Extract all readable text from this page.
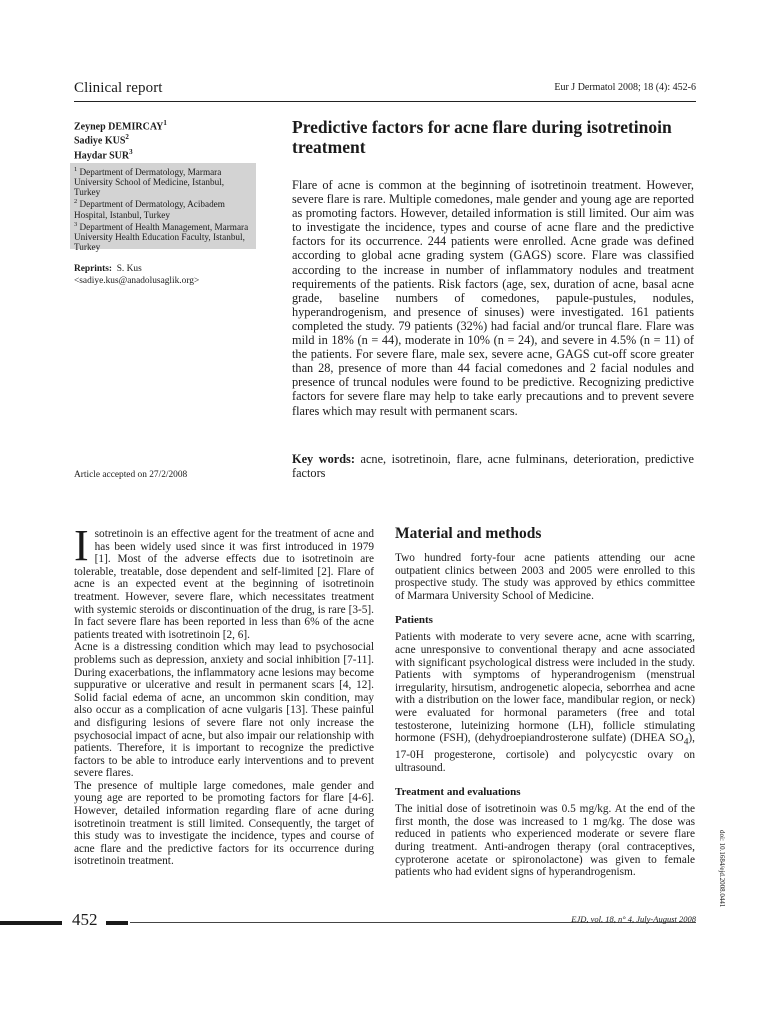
Clinical report	Eur J Dermatol 2008; 18 (4): 452-6
Zeynep DEMIRCAY$^1$
Sadiye KUS$^2$
Haydar SUR$^3$
$^1$ Department of Dermatology, Marmara University School of Medicine, Istanbul, Turkey
$^2$ Department of Dermatology, Acibadem Hospital, Istanbul, Turkey
$^3$ Department of Health Management, Marmara University Health Education Faculty, Istanbul, Turkey
Reprints: S. Kus
<sadiye.kus@anadolusaglik.org>
Article accepted on 27/2/2008
Predictive factors for acne flare during isotretinoin treatment
Flare of acne is common at the beginning of isotretinoin treatment. However, severe flare is rare. Multiple comedones, male gender and young age are reported as promoting factors. However, detailed information is still limited. Our aim was to investigate the incidence, types and course of acne flare and the predictive factors for its occurrence. 244 patients were enrolled. Acne grade was defined according to global acne grading system (GAGS) score. Flare was classified according to the increase in number of inflammatory nodules and treatment requirements of the patients. Risk factors (age, sex, duration of acne, basal acne grade, baseline numbers of comedones, papule-pustules, nodules, hyperandrogenism, and presence of sinuses) were investigated. 161 patients completed the study. 79 patients (32%) had facial and/or truncal flare. Flare was mild in 18% (n = 44), moderate in 10% (n = 24), and severe in 4.5% (n = 11) of the patients. For severe flare, male sex, severe acne, GAGS cut-off score greater than 28, presence of more than 44 facial comedones and 2 facial nodules and presence of truncal nodules were found to be predictive. Recognizing predictive factors for severe flare may help to take early precautions and to prevent severe flares which may result with permanent scars.
Key words: acne, isotretinoin, flare, acne fulminans, deterioration, predictive factors

Isotretinoin is an effective agent for the treatment of acne and has been widely used since it was first introduced in 1979 [1]. Most of the adverse effects due to isotretinoin are tolerable, treatable, dose dependent and self-limited [2]. Flare of acne is an expected event at the beginning of isotretinoin treatment. However, severe flare, which necessitates treatment with systemic steroids or discontinuation of the drug, is rare [3-5]. In fact severe flare has been reported in less than 6% of the acne patients treated with isotretinoin [2, 6].

Acne is a distressing condition which may lead to psychosocial problems such as depression, anxiety and social inhibition [7-11]. During exacerbations, the inflammatory acne lesions may become suppurative or ulcerative and result in permanent scars [4, 12]. Solid facial edema of acne, an uncommon skin condition, may also occur as a complication of acne vulgaris [13]. These painful and disfiguring lesions of severe flare not only increase the psychosocial impact of acne, but also impair our relationship with patients. Therefore, it is important to recognize the predictive factors to be able to introduce early interventions and to prevent severe flares.

The presence of multiple large comedones, male gender and young age are reported to be promoting factors for flare [4-6]. However, detailed information regarding flare of acne during isotretinoin treatment is still limited. Consequently, the target of this study was to investigate the incidence, types and course of acne flare and the predictive factors for its occurrence during isotretinoin treatment.

Material and methods

Two hundred forty-four acne patients attending our acne outpatient clinics between 2003 and 2005 were enrolled to this prospective study. The study was approved by ethics committee of Marmara University School of Medicine.

Patients

Patients with moderate to very severe acne, acne with scarring, acne unresponsive to conventional therapy and acne associated with significant psychological distress were included in the study. Patients with symptoms of hyperandrogenism (menstrual irregularity, hirsutism, androgenetic alopecia, seborrhea and acne with a distribution on the lower face, mandibular region, or neck) were evaluated for hormonal parameters (free and total testosterone, luteinizing hormone (LH), follicle stimulating hormone (FSH), (dehydroepiandrosterone sulfate) (DHEA $SO_4$), 17-0H progesterone, cortisole) and polycycstic ovary on ultrasound.

Treatment and evaluations

The initial dose of isotretinoin was 0.5 mg/kg. At the end of the first month, the dose was increased to 1 mg/kg. The dose was reduced in patients who experienced moderate or severe flare during treatment. Anti-androgen therapy (oral contraceptives, cyproterone acetate or spironolactone) was given to female patients who had evident signs of hyperandrogenism.	doi: 10.1684/ejd.2008.0441
452	EJD, vol. 18, n° 4, July-August 2008
